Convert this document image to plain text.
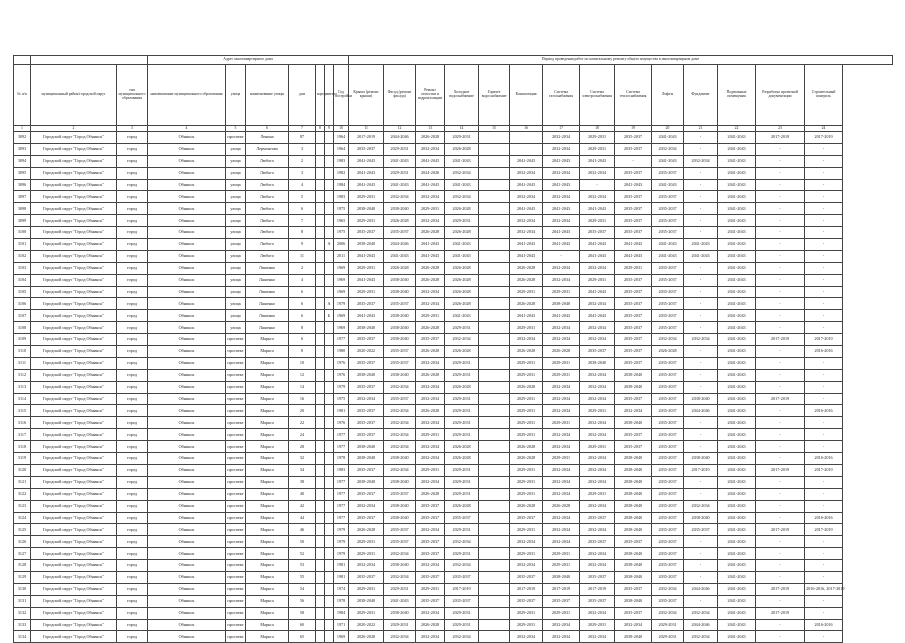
			Адрес многоквартирного дома							Период проведения работ по капитальному ремонту общего имущества в многоквартирном доме													
№ п/п	муниципальный район/городской округ	тип муниципального образования	наименование муниципального образования	улица	наименование улицы	дом	корпус	литера	Год постройки	Крыша (ремонт крыши)	Фасад (ремонт фасада)	Ремонт отмостки и гидроизоляции	Холодное водоснабжение	Горячее водоснабжение	Канализация	Система газоснабжения	Система электроснабжения	Система теплоснабжения	Лифты	Фундамент	Подвальные помещения	Разработка проектной документации	Строительный контроль
1	2	3	4	5	6	7	8	9	10	11	12	13	14	15	16	17	18	19	20	21	22	23	24
3092	Городской округ "Город Обнинск"	город	Обнинск	проспект	Ленина	87			1964	2017-2019	2044-2046	2026-2028	2029-2031			2032-2034	2029-2031	2035-2037	2041-2043	-	2041-2043	2017-2019	2017-2019
3093	Городской округ "Город Обнинск"	город	Обнинск	улица	Лермонтова	3			1964	2035-2037	2029-2031	2032-2034	2026-2028			2032-2034	2029-2031	2035-2037	2032-2034	-	2041-2043	-	-
3094	Городской округ "Город Обнинск"	город	Обнинск	улица	Любого	2			1983	2041-2043	2041-2043	2041-2043	2041-2043		2041-2043	2041-2043	2041-2043	-	2041-2043	2032-2034	2041-2043	-	-
3095	Городской округ "Город Обнинск"	город	Обнинск	улица	Любого	3			1982	2041-2043	2029-2031	2024-2026	2032-2034		2032-2034	2032-2034	2032-2034	2035-2037	2035-2037	-	2041-2043	-	-
3096	Городской округ "Город Обнинск"	город	Обнинск	улица	Любого	4			1984	2041-2043	2041-2043	2041-2043	2041-2043		2041-2043	2041-2043	-	2041-2043	2041-2043	-	2041-2043	-	-
3097	Городской округ "Город Обнинск"	город	Обнинск	улица	Любого	5			1983	2029-2031	2032-2034	2032-2034	2032-2034		2032-2034	2032-2034	2032-2034	2035-2037	2035-2037	-	2041-2043	-	-
3098	Городской округ "Город Обнинск"	город	Обнинск	улица	Любого	6			1975	2038-2040	2038-2040	2029-2031	2026-2028		2041-2043	2041-2043	2041-2043	2035-2037	2035-2037	-	2041-2043	-	-
3099	Городской округ "Город Обнинск"	город	Обнинск	улица	Любого	7			1965	2029-2031	2026-2028	2032-2034	2029-2031		2032-2034	2032-2034	2029-2031	2035-2037	2035-2037	-	2041-2043	-	-
3100	Городской округ "Город Обнинск"	город	Обнинск	улица	Любого	8			1975	2035-2037	2035-2037	2026-2028	2026-2028		2032-2034	2041-2043	2035-2037	2035-2037	2035-2037	-	2041-2043	-	-
3101	Городской округ "Город Обнинск"	город	Обнинск	улица	Любого	9		А	2006	2038-2040	2044-2046	2041-2043	2041-2043		2041-2043	2041-2043	2041-2043	2041-2043	2041-2043	2041-2043	2041-2043	-	-
3102	Городской округ "Город Обнинск"	город	Обнинск	улица	Любого	11			2011	2041-2043	2041-2043	2041-2043	2041-2043		2041-2043	-	2041-2043	2041-2043	2041-2043	2041-2043	2041-2043	-	-
3103	Городской округ "Город Обнинск"	город	Обнинск	улица	Ляшенко	2			1969	2029-2031	2026-2028	2026-2028	2026-2028		2026-2028	2032-2034	2032-2034	2029-2031	2035-2037	-	2041-2043	-	-
3104	Городской округ "Город Обнинск"	город	Обнинск	улица	Ляшенко	4			1969	2041-2043	2038-2040	2026-2028	2026-2028		2026-2028	2032-2034	2029-2031	2035-2037	2035-2037	-	2041-2043	-	-
3105	Городской округ "Город Обнинск"	город	Обнинск	улица	Ляшенко	6			1969	2029-2031	2038-2040	2032-2034	2026-2028		2029-2031	2029-2031	2041-2043	2035-2037	2035-2037	-	2041-2043	-	-
3106	Городской округ "Город Обнинск"	город	Обнинск	улица	Ляшенко	6		А	1979	2035-2037	2035-2037	2032-2034	2026-2028		2026-2028	2038-2040	2032-2034	2035-2037	2035-2037	-	2041-2043	-	-
3107	Городской округ "Город Обнинск"	город	Обнинск	улица	Ляшенко	6		Б	1969	2041-2043	2038-2040	2029-2031	2041-2043		2041-2043	2041-2043	2041-2043	2035-2037	2035-2037	-	2041-2043	-	-
3108	Городской округ "Город Обнинск"	город	Обнинск	улица	Ляшенко	8			1969	2038-2040	2038-2040	2026-2028	2029-2031		2029-2031	2032-2034	2032-2034	2035-2037	2035-2037	-	2041-2043	-	-
3109	Городской округ "Город Обнинск"	город	Обнинск	проспект	Маркса	6			1977	2035-2037	2038-2040	2035-2037	2032-2034		2032-2034	2032-2034	2032-2034	2035-2037	2032-2034	2032-2034	2041-2043	2017-2019	2017-2019
3110	Городской округ "Город Обнинск"	город	Обнинск	проспект	Маркса	8			1980	2020-2022	2035-2037	2026-2028	2026-2028		2026-2028	2026-2028	2035-2037	2035-2037	2026-2028	-	2041-2043	-	2016-2016
3111	Городской округ "Город Обнинск"	город	Обнинск	проспект	Маркса	10			1976	2035-2037	2035-2037	2032-2034	2029-2031		2029-2031	2029-2031	2038-2040	2035-2037	2035-2037	-	2041-2043	-	-
3112	Городской округ "Город Обнинск"	город	Обнинск	проспект	Маркса	12			1976	2038-2040	2038-2040	2026-2028	2029-2031		2029-2031	2029-2031	2032-2034	2038-2040	2035-2037	-	2041-2043	-	-
3113	Городской округ "Город Обнинск"	город	Обнинск	проспект	Маркса	14			1979	2035-2037	2032-2034	2032-2034	2026-2028		2026-2028	2032-2034	2032-2034	2038-2040	2035-2037	-	2041-2043	-	-
3114	Городской округ "Город Обнинск"	город	Обнинск	проспект	Маркса	16			1975	2032-2034	2035-2037	2032-2034	2029-2031		2029-2031	2032-2034	2032-2034	2035-2037	2035-2037	2038-2040	2041-2043	2017-2019	-
3115	Городской округ "Город Обнинск"	город	Обнинск	проспект	Маркса	20			1981	2035-2037	2032-2034	2026-2028	2029-2031		2029-2031	2032-2034	2029-2031	2032-2034	2035-2037	2044-2046	2041-2043	-	2016-2016
3116	Городской округ "Город Обнинск"	город	Обнинск	проспект	Маркса	22			1976	2035-2037	2032-2034	2032-2034	2029-2031		2029-2031	2029-2031	2032-2034	2038-2040	2035-2037	-	2041-2043	-	-
3117	Городской округ "Город Обнинск"	город	Обнинск	проспект	Маркса	24			1977	2035-2037	2032-2034	2029-2031	2029-2031		2029-2031	2032-2034	2032-2034	2035-2037	2035-2037	-	2041-2043	-	-
3118	Городской округ "Город Обнинск"	город	Обнинск	проспект	Маркса	28			1977	2038-2040	2032-2034	2032-2034	2026-2028		2026-2028	2032-2034	2029-2031	2035-2037	2035-2037	-	2041-2043	-	-
3119	Городской округ "Город Обнинск"	город	Обнинск	проспект	Маркса	32			1978	2038-2040	2038-2040	2032-2034	2026-2028		2026-2028	2029-2031	2032-2034	2038-2040	2035-2037	2038-2040	2041-2043	-	2016-2016
3120	Городской округ "Город Обнинск"	город	Обнинск	проспект	Маркса	34			1983	2035-2037	2032-2034	2029-2031	2029-2031		2029-2031	2032-2034	2032-2034	2038-2040	2035-2037	2017-2019	2041-2043	2017-2019	2017-2019
3121	Городской округ "Город Обнинск"	город	Обнинск	проспект	Маркса	38			1977	2038-2040	2038-2040	2032-2034	2029-2031		2029-2031	2032-2034	2032-2034	2038-2040	2035-2037	-	2041-2043	-	-
3122	Городской округ "Город Обнинск"	город	Обнинск	проспект	Маркса	40			1977	2035-2037	2035-2037	2026-2028	2029-2031		2029-2031	2032-2034	2029-2031	2038-2040	2035-2037	-	2041-2043	-	-
3123	Городской округ "Город Обнинск"	город	Обнинск	проспект	Маркса	42			1977	2032-2034	2038-2040	2035-2037	2026-2028		2026-2028	2026-2028	2032-2034	2038-2040	2035-2037	2032-2034	2041-2043	-	-
3124	Городской округ "Город Обнинск"	город	Обнинск	проспект	Маркса	44			1977	2035-2037	2038-2040	2035-2037	2035-2037		2035-2037	2032-2034	2035-2037	2038-2040	2035-2037	2038-2040	2041-2043	-	2016-2016
3125	Городской округ "Город Обнинск"	город	Обнинск	проспект	Маркса	46			1979	2026-2028	2035-2037	2032-2034	2029-2031		2029-2031	2032-2034	2032-2034	2038-2040	2035-2037	2035-2037	2041-2043	2017-2019	2017-2019
3126	Городской округ "Город Обнинск"	город	Обнинск	проспект	Маркса	50			1979	2029-2031	2035-2037	2035-2037	2032-2034		2032-2034	2032-2034	2035-2037	2035-2037	2035-2037	-	2041-2043	-	-
3127	Городской округ "Город Обнинск"	город	Обнинск	проспект	Маркса	52			1979	2029-2031	2032-2034	2035-2037	2029-2031		2029-2031	2029-2031	2032-2034	2038-2040	2035-2037	-	2041-2043	-	-
3128	Городской округ "Город Обнинск"	город	Обнинск	проспект	Маркса	53			1981	2032-2034	2038-2040	2032-2034	2032-2034		2032-2034	2029-2031	2032-2034	2038-2040	2035-2037	-	2041-2043	-	-
3129	Городской округ "Город Обнинск"	город	Обнинск	проспект	Маркса	55			1981	2035-2037	2032-2034	2035-2037	2035-2037		2035-2037	2038-2040	2035-2037	2038-2040	2035-2037	-	2041-2043	-	-
3130	Городской округ "Город Обнинск"	город	Обнинск	проспект	Маркса	54			1974	2029-2031	2029-2031	2029-2031	2017-2019		2017-2019	2017-2019	2017-2019	2035-2037	2032-2034	2044-2046	2041-2043	2017-2019	2016-2016, 2017-2019
3131	Городской округ "Город Обнинск"	город	Обнинск	проспект	Маркса	56			1978	2038-2040	2041-2043	2035-2037	2035-2037		2035-2037	2035-2037	2035-2037	2038-2040	2035-2037	-	2041-2043	-	-
3132	Городской округ "Город Обнинск"	город	Обнинск	проспект	Маркса	58			1984	2029-2031	2038-2040	2032-2034	2029-2031		2029-2031	2029-2031	2032-2034	2035-2037	2032-2034	2032-2034	2041-2043	2017-2019	-
3133	Городской округ "Город Обнинск"	город	Обнинск	проспект	Маркса	60			1971	2020-2022	2029-2031	2026-2028	2029-2031		2029-2031	2032-2034	2029-2031	2032-2034	2029-2031	2044-2046	2041-2043	-	2016-2016
3134	Городской округ "Город Обнинск"	город	Обнинск	проспект	Маркса	65			1969	2026-2028	2032-2034	2032-2034	2032-2034		2032-2034	2032-2034	2032-2034	2038-2040	2029-2031	2032-2034	2041-2043	-	-
